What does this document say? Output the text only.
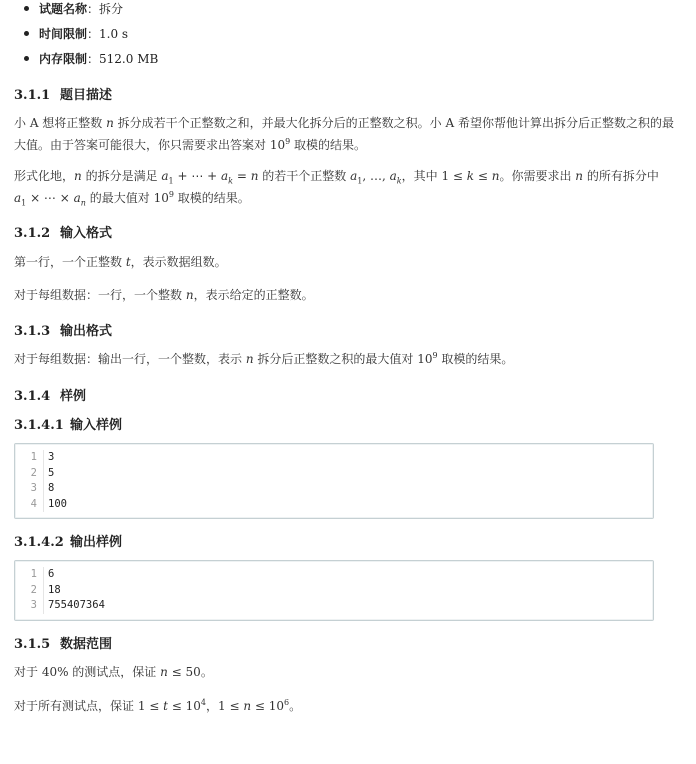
试题名称：拆分
时间限制：1.0 s
内存限制：512.0 MB
3.1.1 题目描述
小 A 想将正整数 n 拆分成若干个正整数之和，并最大化拆分后的正整数之积。小 A 希望你帮他计算出拆分后正整数之积的最大值。由于答案可能很大，你只需要求出答案对 $10^9$ 取模的结果。
形式化地，n 的拆分是满足 $a_1$ + ⋯ + $a_k = n$ 的若干个正整数 $a_1$, …, $a_k$，其中 1 ≤ k ≤ n。你需要求出 n 的所有拆分中 $a_1$ × ⋯ × $a_n$ 的最大值对 $10^9$ 取模的结果。
3.1.2 输入格式
第一行，一个正整数 t，表示数据组数。
对于每组数据：一行，一个整数 n，表示给定的正整数。
3.1.3 输出格式
对于每组数据：输出一行，一个整数，表示 n 拆分后正整数之积的最大值对 $10^9$ 取模的结果。
3.1.4 样例
3.1.4.1 输入样例
1	3
2	5
3	8
4	100
3.1.4.2 输出样例
1	6
2	18
3	755407364
3.1.5 数据范围
对于 40% 的测试点，保证 n ≤ 50。
对于所有测试点，保证 $1 \le t \le 10^4$，$1 \le n \le 10^6$。
